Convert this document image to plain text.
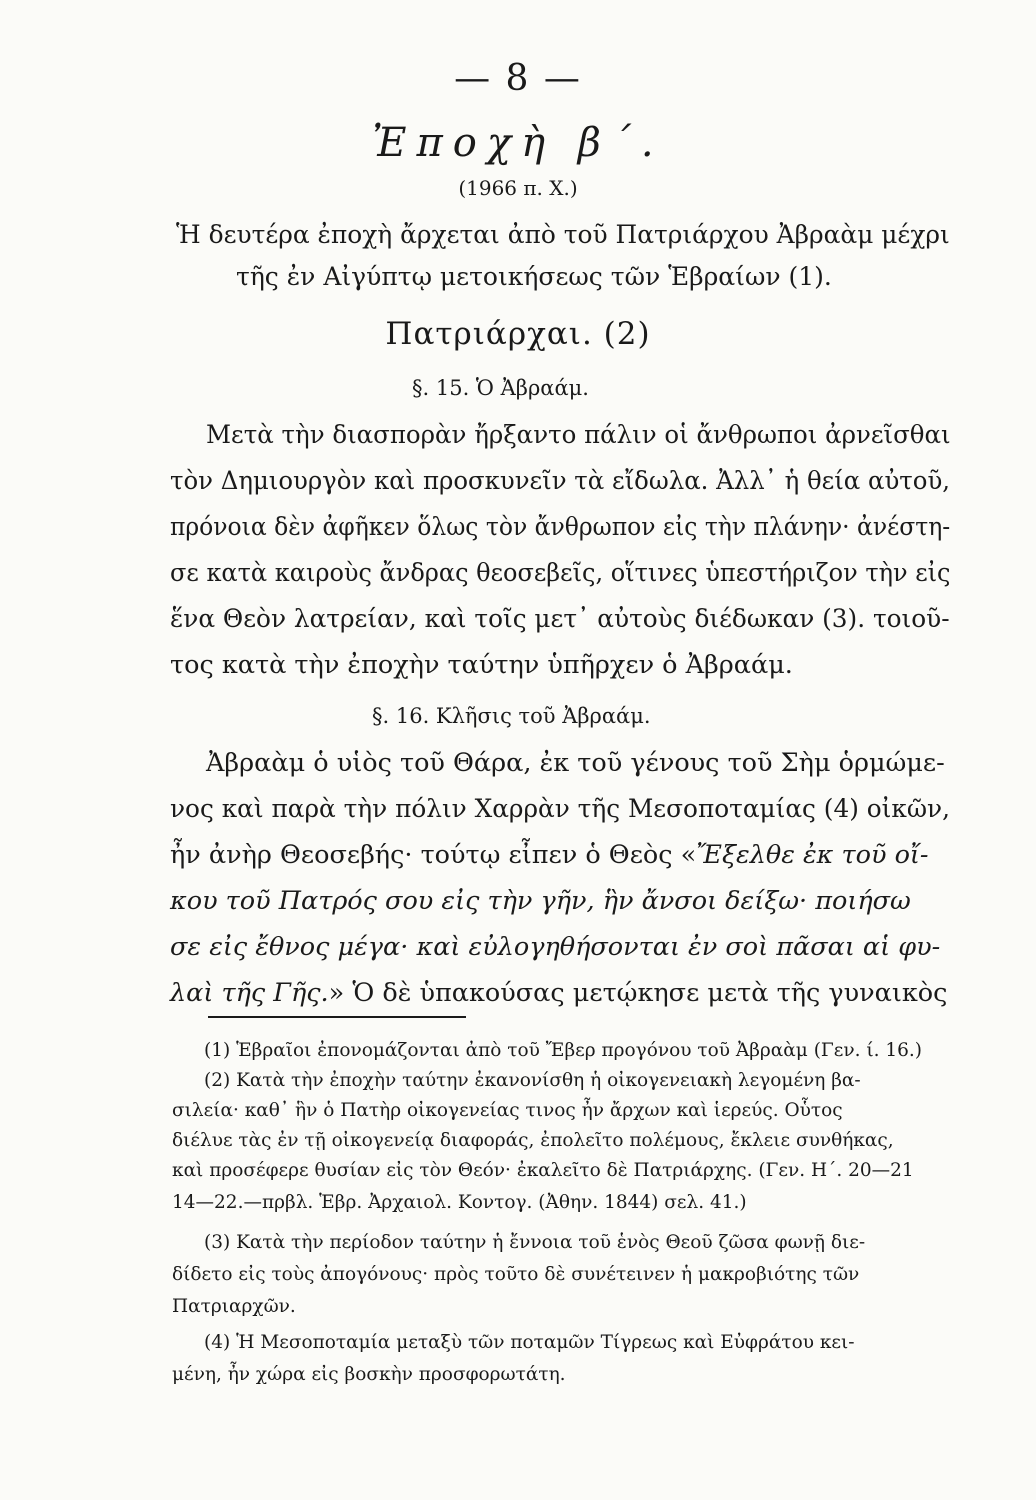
— 8 —
Ἐποχὴ β΄.
(1966 π. Χ.)
Ἡ δευτέρα ἐποχὴ ἄρχεται ἀπὸ τοῦ Πατριάρχου Ἀβραὰμ μέχρι
τῆς ἐν Αἰγύπτῳ μετοικήσεως τῶν Ἑβραίων (1).
Πατριάρχαι. (2)
§. 15. Ὁ Ἀβραάμ.
Μετὰ τὴν διασπορὰν ἤρξαντο πάλιν οἱ ἄνθρωποι ἀρνεῖσθαι
τὸν Δημιουργὸν καὶ προσκυνεῖν τὰ εἴδωλα. Ἀλλ᾽ ἡ θεία αὐτοῦ,
πρόνοια δὲν ἀφῆκεν ὅλως τὸν ἄνθρωπον εἰς τὴν πλάνην· ἀνέστη-
σε κατὰ καιροὺς ἄνδρας θεοσεβεῖς, οἵτινες ὑπεστήριζον τὴν εἰς
ἕνα Θεὸν λατρείαν, καὶ τοῖς μετ᾽ αὐτοὺς διέδωκαν (3). τοιοῦ-
τος κατὰ τὴν ἐποχὴν ταύτην ὑπῆρχεν ὁ Ἀβραάμ.
§. 16. Κλῆσις τοῦ Ἀβραάμ.
Ἀβραὰμ ὁ υἱὸς τοῦ Θάρα, ἐκ τοῦ γένους τοῦ Σὴμ ὁρμώμε-
νος καὶ παρὰ τὴν πόλιν Χαρρὰν τῆς Μεσοποταμίας (4) οἰκῶν,
ἦν ἀνὴρ Θεοσεβής· τούτῳ εἶπεν ὁ Θεὸς «Ἔξελθε ἐκ τοῦ οἴ-
κου τοῦ Πατρός σου εἰς τὴν γῆν, ἣν ἄνσοι δείξω· ποιήσω
σε εἰς ἔθνος μέγα· καὶ εὐλογηθήσονται ἐν σοὶ πᾶσαι αἱ φυ-
λαὶ τῆς Γῆς.» Ὁ δὲ ὑπακούσας μετῴκησε μετὰ τῆς γυναικὸς
(1) Ἑβραῖοι ἐπονομάζονται ἀπὸ τοῦ Ἔβερ προγόνου τοῦ Ἀβραὰμ (Γεν. ί. 16.)
(2) Κατὰ τὴν ἐποχὴν ταύτην ἐκανονίσθη ἡ οἰκογενειακὴ λεγομένη βα-
σιλεία· καθ᾽ ἣν ὁ Πατὴρ οἰκογενείας τινος ἦν ἄρχων καὶ ἱερεύς. Οὗτος
διέλυε τὰς ἐν τῇ οἰκογενείᾳ διαφοράς, ἐπολεῖτο πολέμους, ἔκλειε συνθήκας,
καὶ προσέφερε θυσίαν εἰς τὸν Θεόν· ἐκαλεῖτο δὲ Πατριάρχης. (Γεν. Η΄. 20—21
14—22.—πρβλ. Ἑβρ. Ἀρχαιολ. Κοντογ. (Ἀθην. 1844) σελ. 41.)
(3) Κατὰ τὴν περίοδον ταύτην ἡ ἔννοια τοῦ ἑνὸς Θεοῦ ζῶσα φωνῇ διε-
δίδετο εἰς τοὺς ἀπογόνους· πρὸς τοῦτο δὲ συνέτεινεν ἡ μακροβιότης τῶν
Πατριαρχῶν.
(4) Ἡ Μεσοποταμία μεταξὺ τῶν ποταμῶν Τίγρεως καὶ Εὐφράτου κει-
μένη, ἦν χώρα εἰς βοσκὴν προσφορωτάτη.
